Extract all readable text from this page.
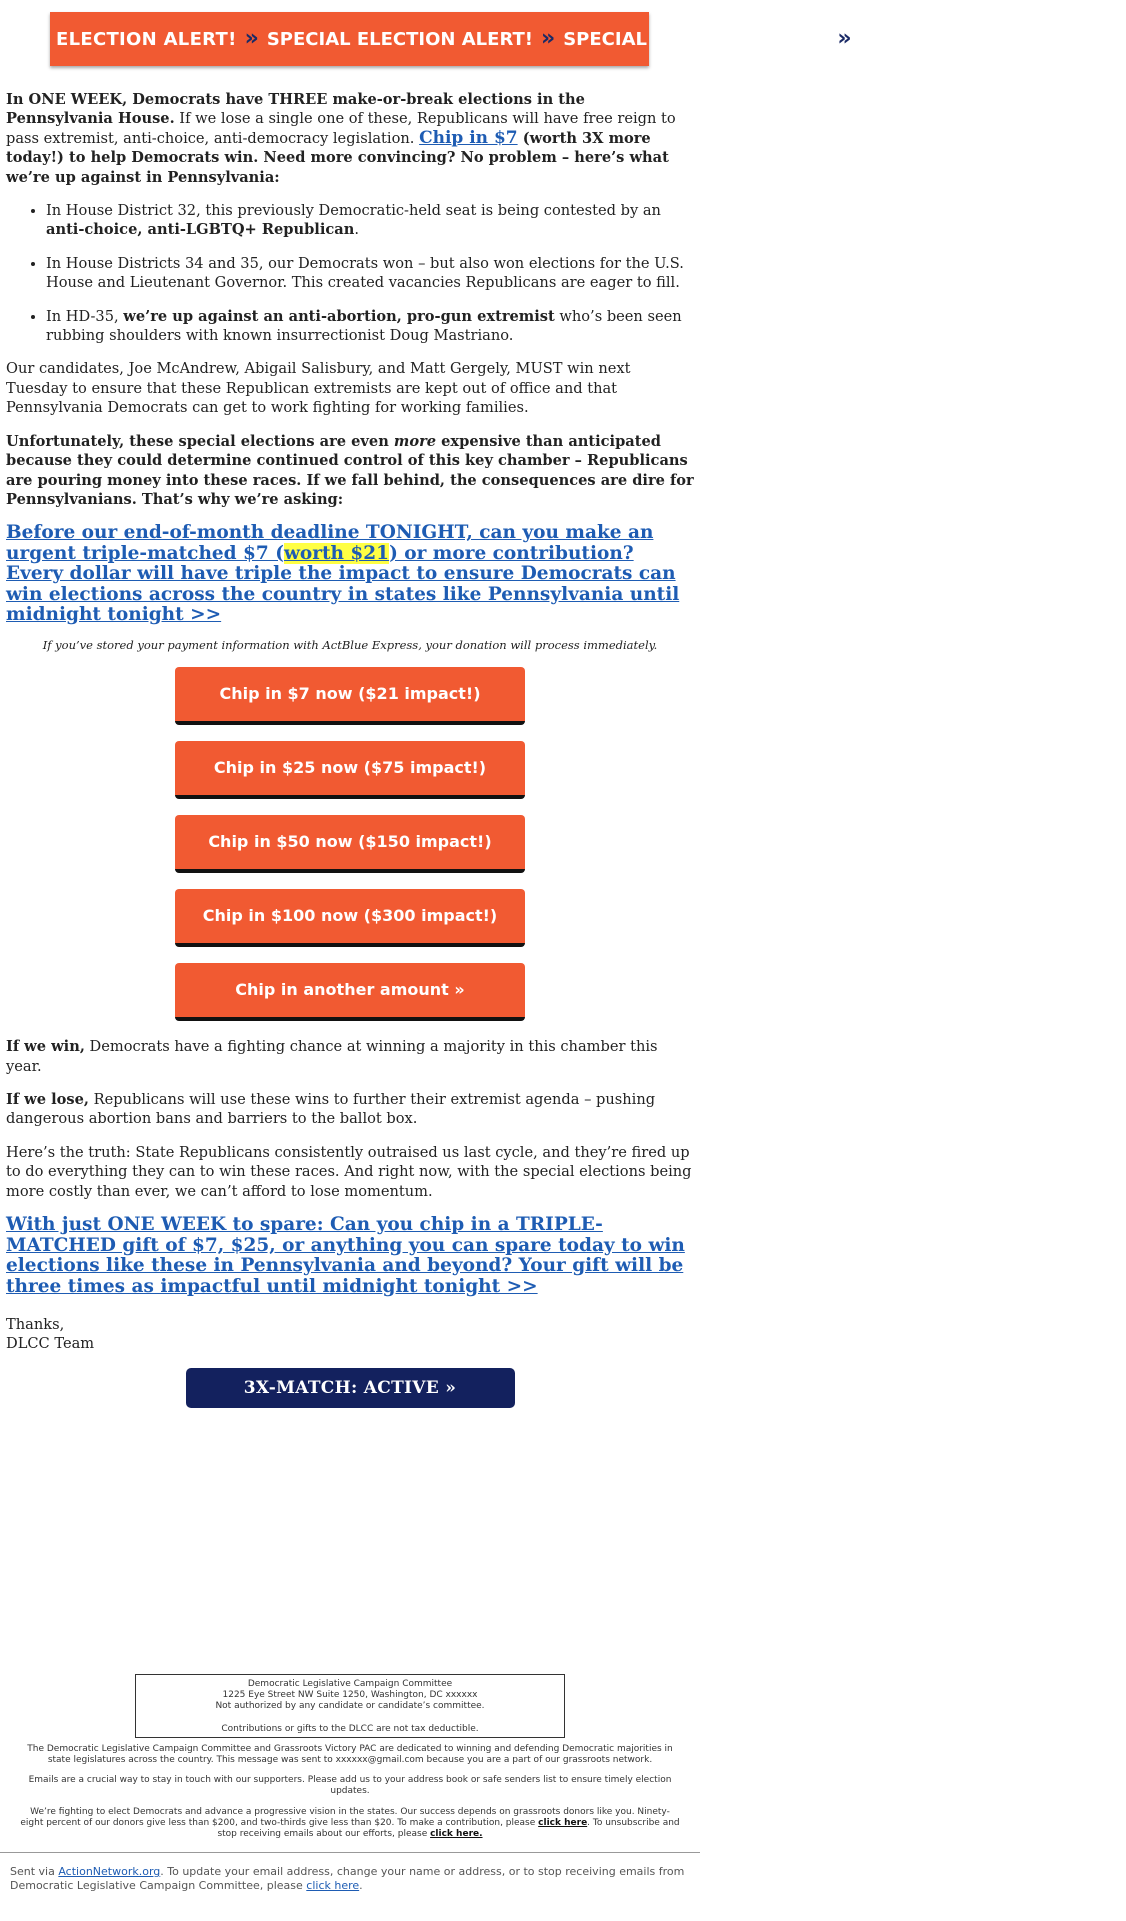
ELECTION ALERT! » SPECIAL ELECTION ALERT! » SPECIAL ELECTION ALERT! » SPECIAL ELECTION ALERT!

In ONE WEEK, Democrats have THREE make-or-break elections in the Pennsylvania House. If we lose a single one of these, Republicans will have free reign to pass extremist, anti-choice, anti-democracy legislation. Chip in $7 (worth 3X more today!) to help Democrats win. Need more convincing? No problem – here’s what we’re up against in Pennsylvania:

• In House District 32, this previously Democratic-held seat is being contested by an anti-choice, anti-LGBTQ+ Republican.
• In House Districts 34 and 35, our Democrats won – but also won elections for the U.S. House and Lieutenant Governor. This created vacancies Republicans are eager to fill.
• In HD-35, we’re up against an anti-abortion, pro-gun extremist who’s been seen rubbing shoulders with known insurrectionist Doug Mastriano.

Our candidates, Joe McAndrew, Abigail Salisbury, and Matt Gergely, MUST win next Tuesday to ensure that these Republican extremists are kept out of office and that Pennsylvania Democrats can get to work fighting for working families.

Unfortunately, these special elections are even more expensive than anticipated because they could determine continued control of this key chamber – Republicans are pouring money into these races. If we fall behind, the consequences are dire for Pennsylvanians. That’s why we’re asking:

Before our end-of-month deadline TONIGHT, can you make an urgent triple-matched $7 (worth $21) or more contribution? Every dollar will have triple the impact to ensure Democrats can win elections across the country in states like Pennsylvania until midnight tonight >>

If you’ve stored your payment information with ActBlue Express, your donation will process immediately.

Chip in $7 now ($21 impact!)
Chip in $25 now ($75 impact!)
Chip in $50 now ($150 impact!)
Chip in $100 now ($300 impact!)
Chip in another amount »

If we win, Democrats have a fighting chance at winning a majority in this chamber this year.

If we lose, Republicans will use these wins to further their extremist agenda – pushing dangerous abortion bans and barriers to the ballot box.

Here’s the truth: State Republicans consistently outraised us last cycle, and they’re fired up to do everything they can to win these races. And right now, with the special elections being more costly than ever, we can’t afford to lose momentum.

With just ONE WEEK to spare: Can you chip in a TRIPLE-MATCHED gift of $7, $25, or anything you can spare today to win elections like these in Pennsylvania and beyond? Your gift will be three times as impactful until midnight tonight >>

Thanks,
DLCC Team

3X-MATCH: ACTIVE »
Democratic Legislative Campaign Committee
1225 Eye Street NW Suite 1250, Washington, DC xxxxxx
Not authorized by any candidate or candidate’s committee.
Contributions or gifts to the DLCC are not tax deductible.

The Democratic Legislative Campaign Committee and Grassroots Victory PAC are dedicated to winning and defending Democratic majorities in state legislatures across the country. This message was sent to xxxxxx@gmail.com because you are a part of our grassroots network.

Emails are a crucial way to stay in touch with our supporters. Please add us to your address book or safe senders list to ensure timely election updates.

We’re fighting to elect Democrats and advance a progressive vision in the states. Our success depends on grassroots donors like you. Ninety-eight percent of our donors give less than $200, and two-thirds give less than $20. To make a contribution, please click here. To unsubscribe and stop receiving emails about our efforts, please click here.

Sent via ActionNetwork.org. To update your email address, change your name or address, or to stop receiving emails from Democratic Legislative Campaign Committee, please click here.
